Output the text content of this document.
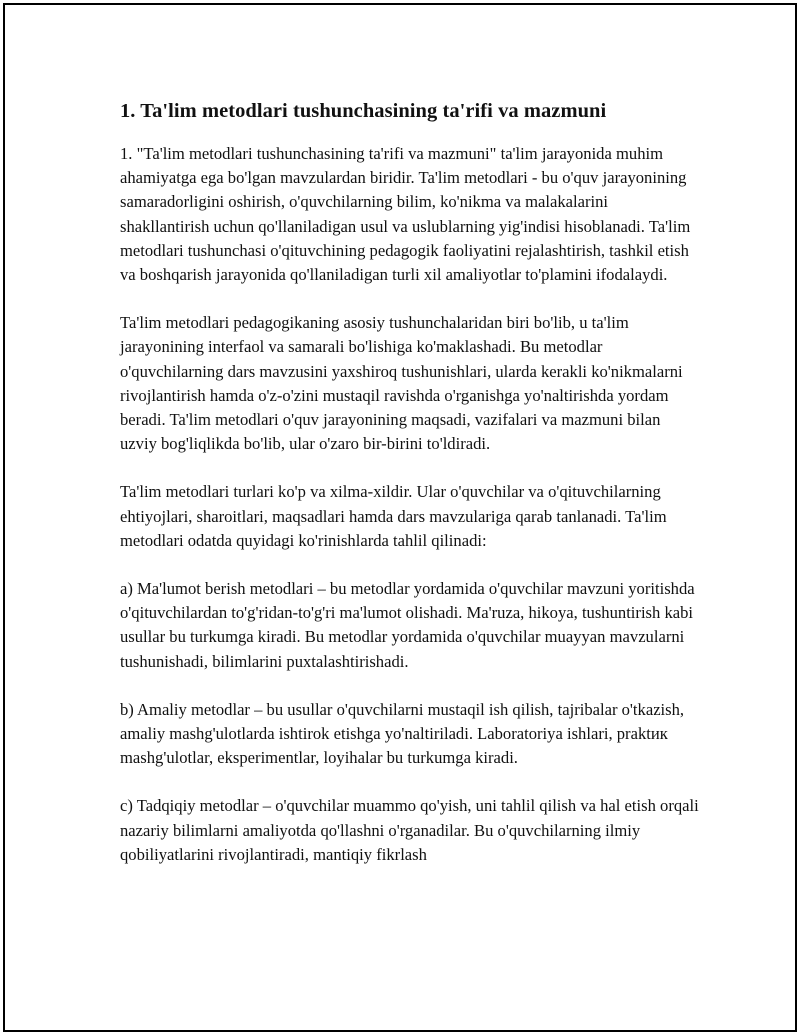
1. Ta'lim metodlari tushunchasining ta'rifi va mazmuni

1. "Ta'lim metodlari tushunchasining ta'rifi va mazmuni" ta'lim jarayonida muhim ahamiyatga ega bo'lgan mavzulardan biridir. Ta'lim metodlari - bu o'quv jarayonining samaradorligini oshirish, o'quvchilarning bilim, ko'nikma va malakalarini shakllantirish uchun qo'llaniladigan usul va uslublarning yig'indisi hisoblanadi. Ta'lim metodlari tushunchasi o'qituvchining pedagogik faoliyatini rejalashtirish, tashkil etish va boshqarish jarayonida qo'llaniladigan turli xil amaliyotlar to'plamini ifodalaydi.

Ta'lim metodlari pedagogikaning asosiy tushunchalaridan biri bo'lib, u ta'lim jarayonining interfaol va samarali bo'lishiga ko'maklashadi. Bu metodlar o'quvchilarning dars mavzusini yaxshiroq tushunishlari, ularda kerakli ko'nikmalarni rivojlantirish hamda o'z-o'zini mustaqil ravishda o'rganishga yo'naltirishda yordam beradi. Ta'lim metodlari o'quv jarayonining maqsadi, vazifalari va mazmuni bilan uzviy bog'liqlikda bo'lib, ular o'zaro bir-birini to'ldiradi.

Ta'lim metodlari turlari ko'p va xilma-xildir. Ular o'quvchilar va o'qituvchilarning ehtiyojlari, sharoitlari, maqsadlari hamda dars mavzulariga qarab tanlanadi. Ta'lim metodlari odatda quyidagi ko'rinishlarda tahlil qilinadi:

a) Ma'lumot berish metodlari – bu metodlar yordamida o'quvchilar mavzuni yoritishda o'qituvchilardan to'g'ridan-to'g'ri ma'lumot olishadi. Ma'ruza, hikoya, tushuntirish kabi usullar bu turkumga kiradi. Bu metodlar yordamida o'quvchilar muayyan mavzularni tushunishadi, bilimlarini puxtalashtirishadi.

b) Amaliy metodlar – bu usullar o'quvchilarni mustaqil ish qilish, tajribalar o'tkazish, amaliy mashg'ulotlarda ishtirok etishga yo'naltiriladi. Laboratoriya ishlari, praktик mashg'ulotlar, eksperimentlar, loyihalar bu turkumga kiradi.

c) Tadqiqiy metodlar – o'quvchilar muammo qo'yish, uni tahlil qilish va hal etish orqali nazariy bilimlarni amaliyotda qo'llashni o'rganadilar. Bu o'quvchilarning ilmiy qobiliyatlarini rivojlantiradi, mantiqiy fikrlash
